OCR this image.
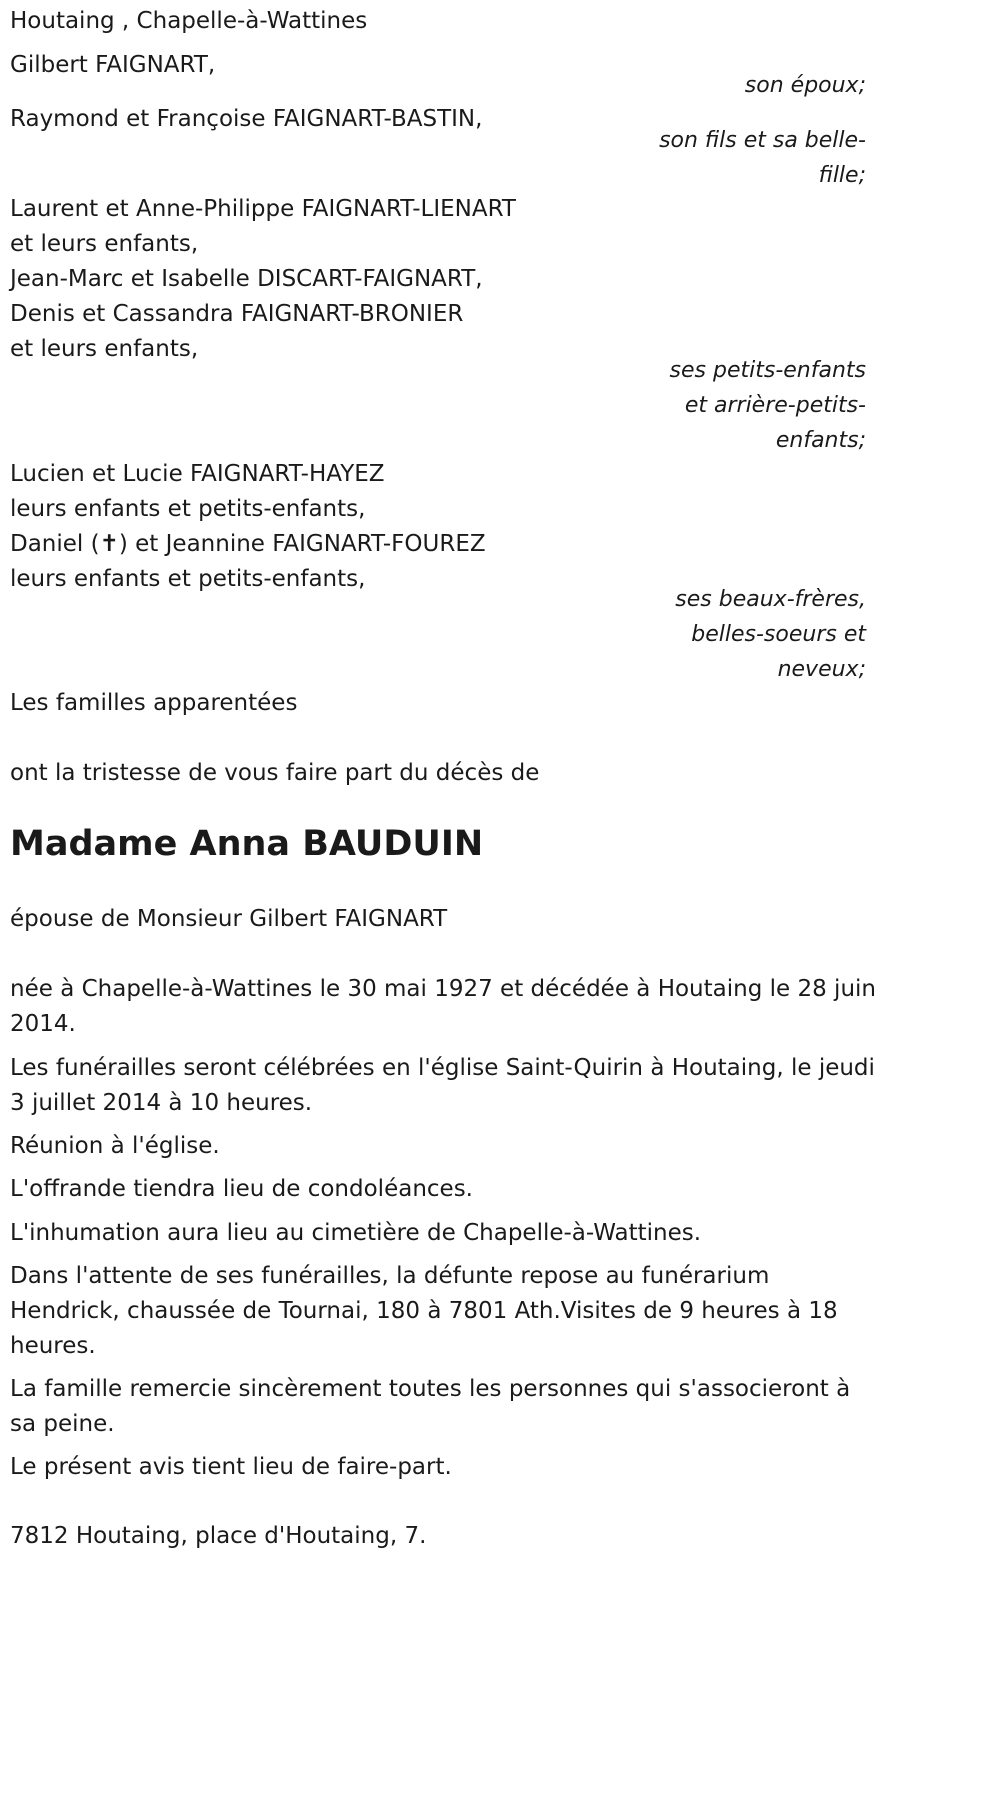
Houtaing , Chapelle-à-Wattines
Gilbert FAIGNART,
son époux;
Raymond et Françoise FAIGNART-BASTIN,
son fils et sa belle-
fille;
Laurent et Anne-Philippe FAIGNART-LIENART
et leurs enfants,
Jean-Marc et Isabelle DISCART-FAIGNART,
Denis et Cassandra FAIGNART-BRONIER
et leurs enfants,
ses petits-enfants
et arrière-petits-
enfants;
Lucien et Lucie FAIGNART-HAYEZ
leurs enfants et petits-enfants,
Daniel (✝) et Jeannine FAIGNART-FOUREZ
leurs enfants et petits-enfants,
ses beaux-frères,
belles-soeurs et
neveux;
Les familles apparentées
ont la tristesse de vous faire part du décès de
Madame Anna BAUDUIN
épouse de Monsieur Gilbert FAIGNART
née à Chapelle-à-Wattines le 30 mai 1927 et décédée à Houtaing le 28 juin 2014.
Les funérailles seront célébrées en l'église Saint-Quirin à Houtaing, le jeudi 3 juillet 2014 à 10 heures.
Réunion à l'église.
L'offrande tiendra lieu de condoléances.
L'inhumation aura lieu au cimetière de Chapelle-à-Wattines.
Dans l'attente de ses funérailles, la défunte repose au funérarium Hendrick, chaussée de Tournai, 180 à 7801 Ath.Visites de 9 heures à 18 heures.
La famille remercie sincèrement toutes les personnes qui s'associeront à sa peine.
Le présent avis tient lieu de faire-part.
7812 Houtaing, place d'Houtaing, 7.
